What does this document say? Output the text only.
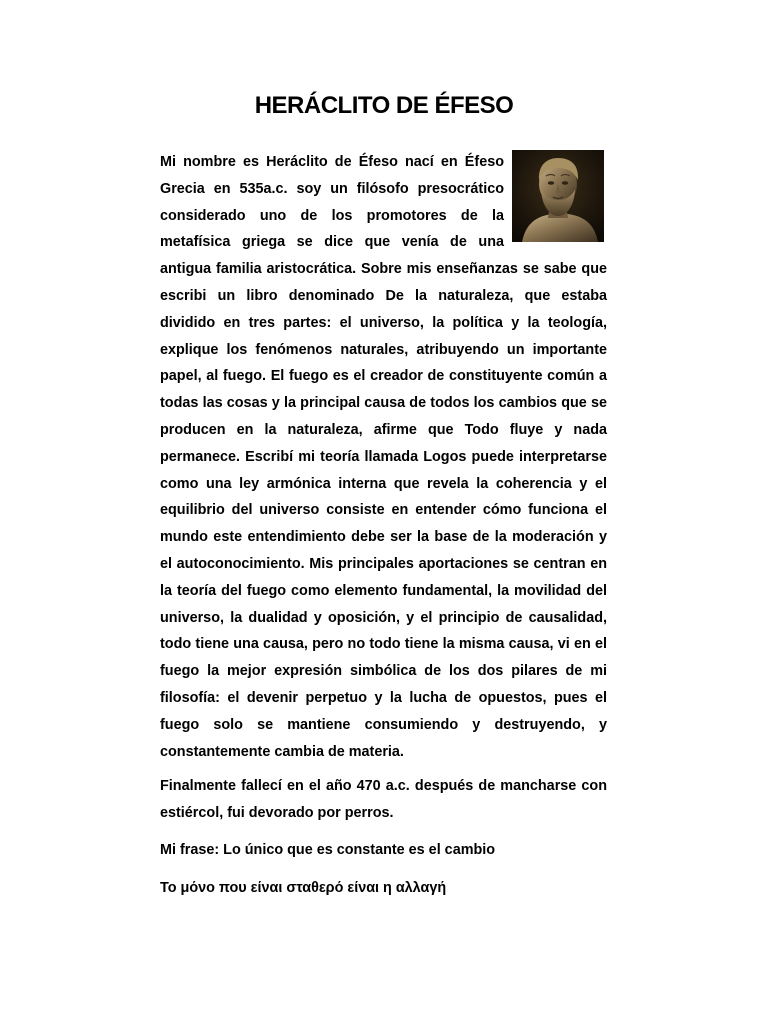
HERÁCLITO DE ÉFESO

Mi nombre es Heráclito de Éfeso nací en Éfeso Grecia en 535a.c. soy un filósofo presocrático considerado uno de los promotores de la metafísica griega se dice que venía de una antigua familia aristocrática. Sobre mis enseñanzas se sabe que escribi un libro denominado De la naturaleza, que estaba dividido en tres partes: el universo, la política y la teología, explique los fenómenos naturales, atribuyendo un importante papel, al fuego. El fuego es el creador de constituyente común a todas las cosas y la principal causa de todos los cambios que se producen en la naturaleza, afirme que Todo fluye y nada permanece. Escribí mi teoría llamada Logos puede interpretarse como una ley armónica interna que revela la coherencia y el equilibrio del universo consiste en entender cómo funciona el mundo este entendimiento debe ser la base de la moderación y el autoconocimiento. Mis principales aportaciones se centran en la teoría del fuego como elemento fundamental, la movilidad del universo, la dualidad y oposición, y el principio de causalidad, todo tiene una causa, pero no todo tiene la misma causa, vi en el fuego la mejor expresión simbólica de los dos pilares de mi filosofía: el devenir perpetuo y la lucha de opuestos, pues el fuego solo se mantiene consumiendo y destruyendo, y constantemente cambia de materia.

Finalmente fallecí en el año 470 a.c. después de mancharse con estiércol, fui devorado por perros.

Mi frase: Lo único que es constante es el cambio

Το μόνο που είναι σταθερό είναι η αλλαγή
